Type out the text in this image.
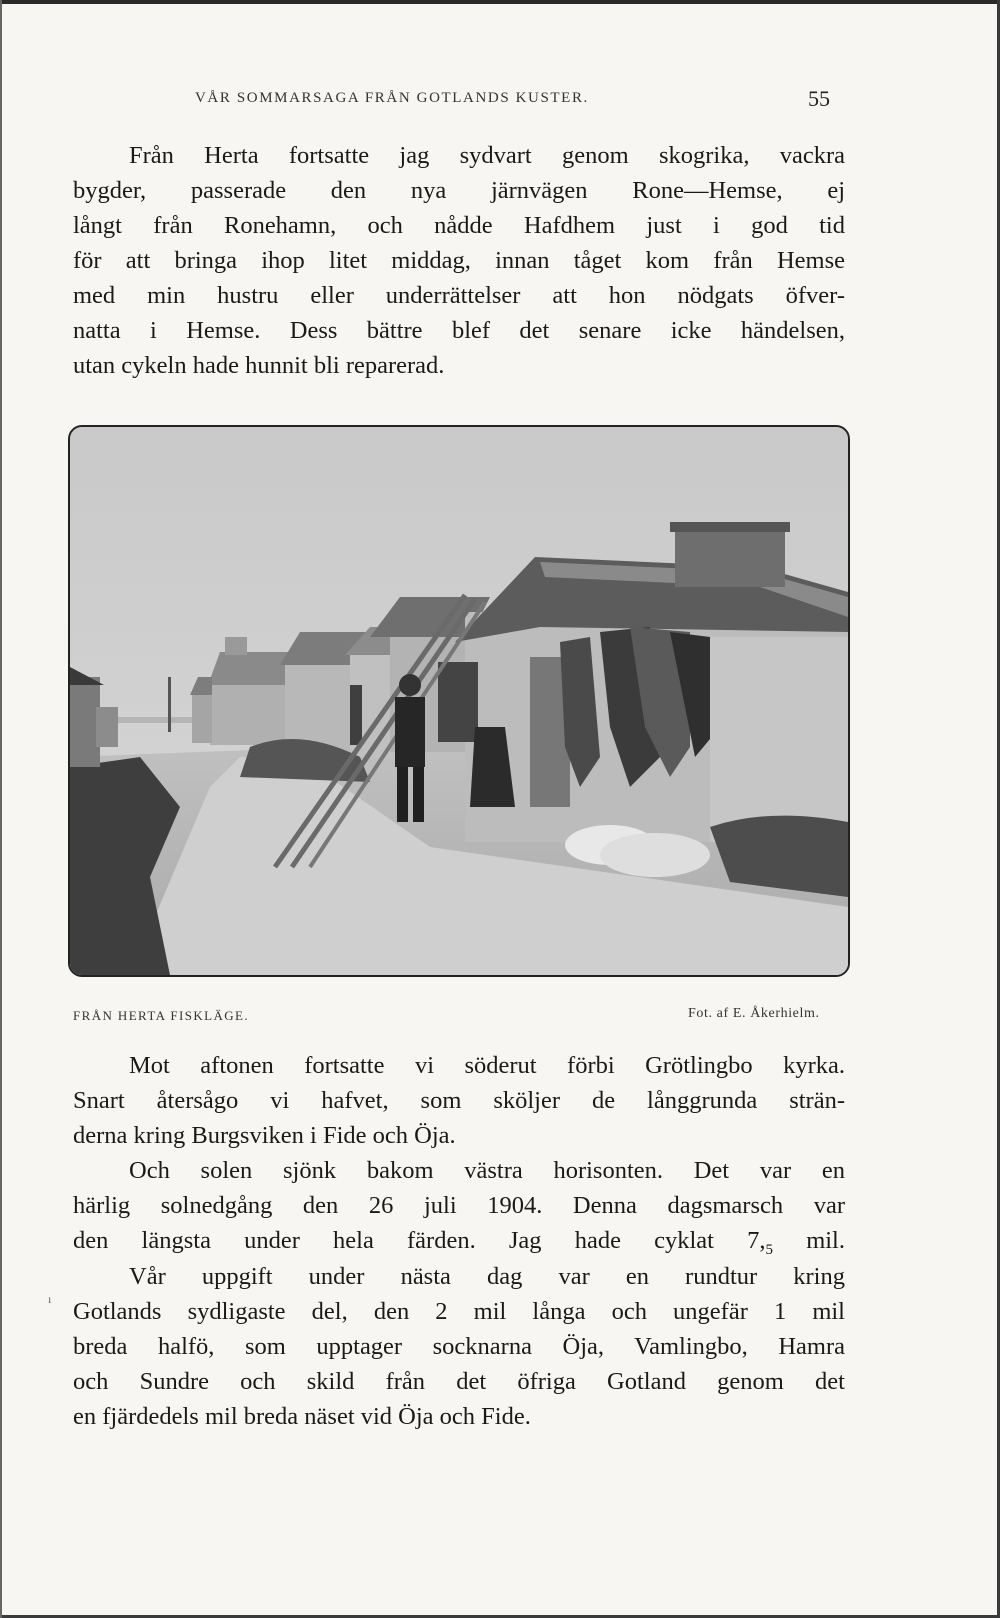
VÅR SOMMARSAGA FRÅN GOTLANDS KUSTER.	55
Från Herta fortsatte jag sydvart genom skogrika, vackra
bygder, passerade den nya järnvägen Rone—Hemse, ej
långt från Ronehamn, och nådde Hafdhem just i god tid
för att bringa ihop litet middag, innan tåget kom från Hemse
med min hustru eller underrättelser att hon nödgats öfver-
natta i Hemse. Dess bättre blef det senare icke händelsen,
utan cykeln hade hunnit bli reparerad.
FRÅN HERTA FISKLÄGE.	Fot. af E. Åkerhielm.
Mot aftonen fortsatte vi söderut förbi Grötlingbo kyrka.
Snart återsågo vi hafvet, som sköljer de långgrunda strän-
derna kring Burgsviken i Fide och Öja.
Och solen sjönk bakom västra horisonten. Det var en
härlig solnedgång den 26 juli 1904. Denna dagsmarsch var
den längsta under hela färden. Jag hade cyklat $7,_5$ mil.
Vår uppgift under nästa dag var en rundtur kring
Gotlands sydligaste del, den 2 mil långa och ungefär 1 mil
breda halfö, som upptager socknarna Öja, Vamlingbo, Hamra
och Sundre och skild från det öfriga Gotland genom det
en fjärdedels mil breda näset vid Öja och Fide.
ı
